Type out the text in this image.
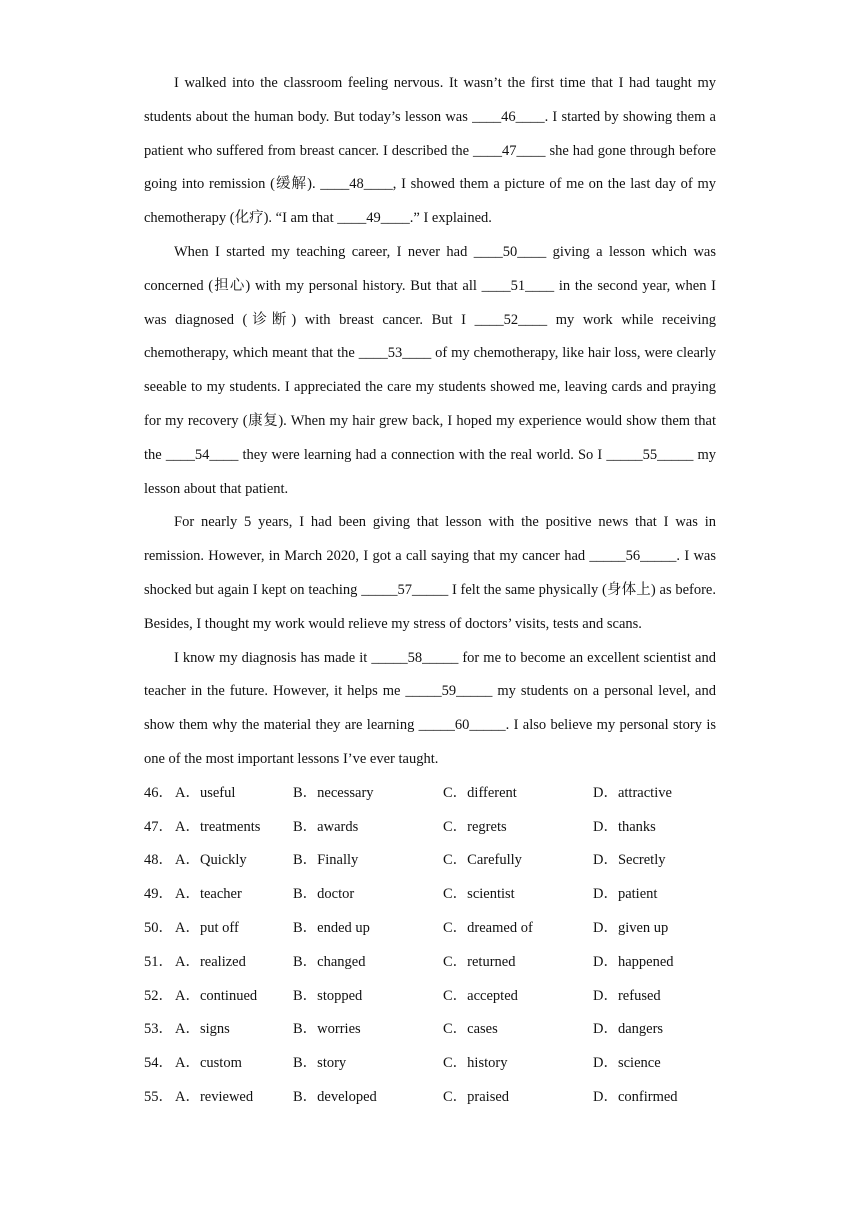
I walked into the classroom feeling nervous. It wasn’t the first time that I had taught my students about the human body. But today’s lesson was ____46____. I started by showing them a patient who suffered from breast cancer. I described the ____47____ she had gone through before going into remission (缓解). ____48____, I showed them a picture of me on the last day of my chemotherapy (化疗). “I am that ____49____.” I explained.

When I started my teaching career, I never had ____50____ giving a lesson which was concerned (担心) with my personal history. But that all ____51____ in the second year, when I was diagnosed (诊断) with breast cancer. But I ____52____ my work while receiving chemotherapy, which meant that the ____53____ of my chemotherapy, like hair loss, were clearly seeable to my students. I appreciated the care my students showed me, leaving cards and praying for my recovery (康复). When my hair grew back, I hoped my experience would show them that the ____54____ they were learning had a connection with the real world. So I _____55_____ my lesson about that patient.

For nearly 5 years, I had been giving that lesson with the positive news that I was in remission. However, in March 2020, I got a call saying that my cancer had _____56_____. I was shocked but again I kept on teaching _____57_____ I felt the same physically (身体上) as before. Besides, I thought my work would relieve my stress of doctors’ visits, tests and scans.

I know my diagnosis has made it _____58_____ for me to become an excellent scientist and teacher in the future. However, it helps me _____59_____ my students on a personal level, and show them why the material they are learning _____60_____. I also believe my personal story is one of the most important lessons I’ve ever taught.

46． A．useful	B．necessary	C．different	D．attractive
47． A．treatments B．awards	C．regrets	D．thanks
48． A．Quickly	B．Finally	C．Carefully	D．Secretly
49． A．teacher	B．doctor	C．scientist	D．patient
50． A．put off	B．ended up	C．dreamed of	D．given up
51． A．realized	B．changed	C．returned	D．happened
52． A．continued B．stopped	C．accepted	D．refused
53． A．signs	B．worries	C．cases	D．dangers
54． A．custom	B．story	C．history	D．science
55． A．reviewed	B．developed	C．praised	D．confirmed
